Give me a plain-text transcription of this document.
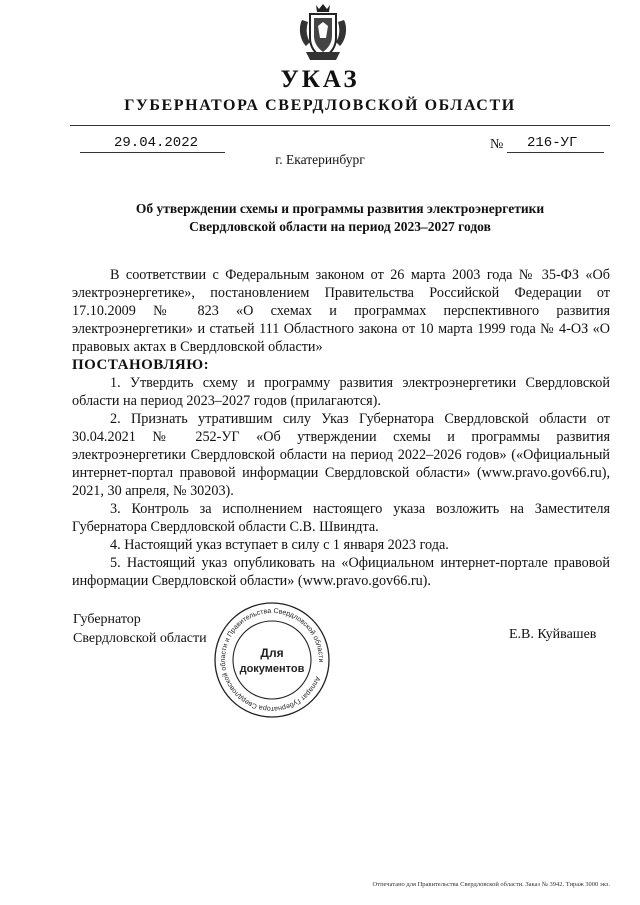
УКАЗ
ГУБЕРНАТОРА СВЕРДЛОВСКОЙ ОБЛАСТИ
29.04.2022	№ 216-УГ
г. Екатеринбург
Об утверждении схемы и программы развития электроэнергетики
Свердловской области на период 2023–2027 годов

В соответствии с Федеральным законом от 26 марта 2003 года № 35-ФЗ «Об электроэнергетике», постановлением Правительства Российской Федерации от 17.10.2009 № 823 «О схемах и программах перспективного развития электроэнергетики» и статьей 111 Областного закона от 10 марта 1999 года № 4-ОЗ «О правовых актах в Свердловской области»

ПОСТАНОВЛЯЮ:

1. Утвердить схему и программу развития электроэнергетики Свердловской области на период 2023–2027 годов (прилагаются).

2. Признать утратившим силу Указ Губернатора Свердловской области от 30.04.2021 № 252-УГ «Об утверждении схемы и программы развития электроэнергетики Свердловской области на период 2022–2026 годов» («Официальный интернет-портал правовой информации Свердловской области» (www.pravo.gov66.ru), 2021, 30 апреля, № 30203).

3. Контроль за исполнением настоящего указа возложить на Заместителя Губернатора Свердловской области С.В. Швиндта.

4. Настоящий указ вступает в силу с 1 января 2023 года.

5. Настоящий указ опубликовать на «Официальном интернет-портале правовой информации Свердловской области» (www.pravo.gov66.ru).

Губернатор
Свердловской области	Е.В. Куйвашев
Аппарат Губернатора Свердловской области и Правительства Свердловской области
Для
документов
Отпечатано для Правительства Свердловской области. Заказ № 3942. Тираж 3000 экз.
